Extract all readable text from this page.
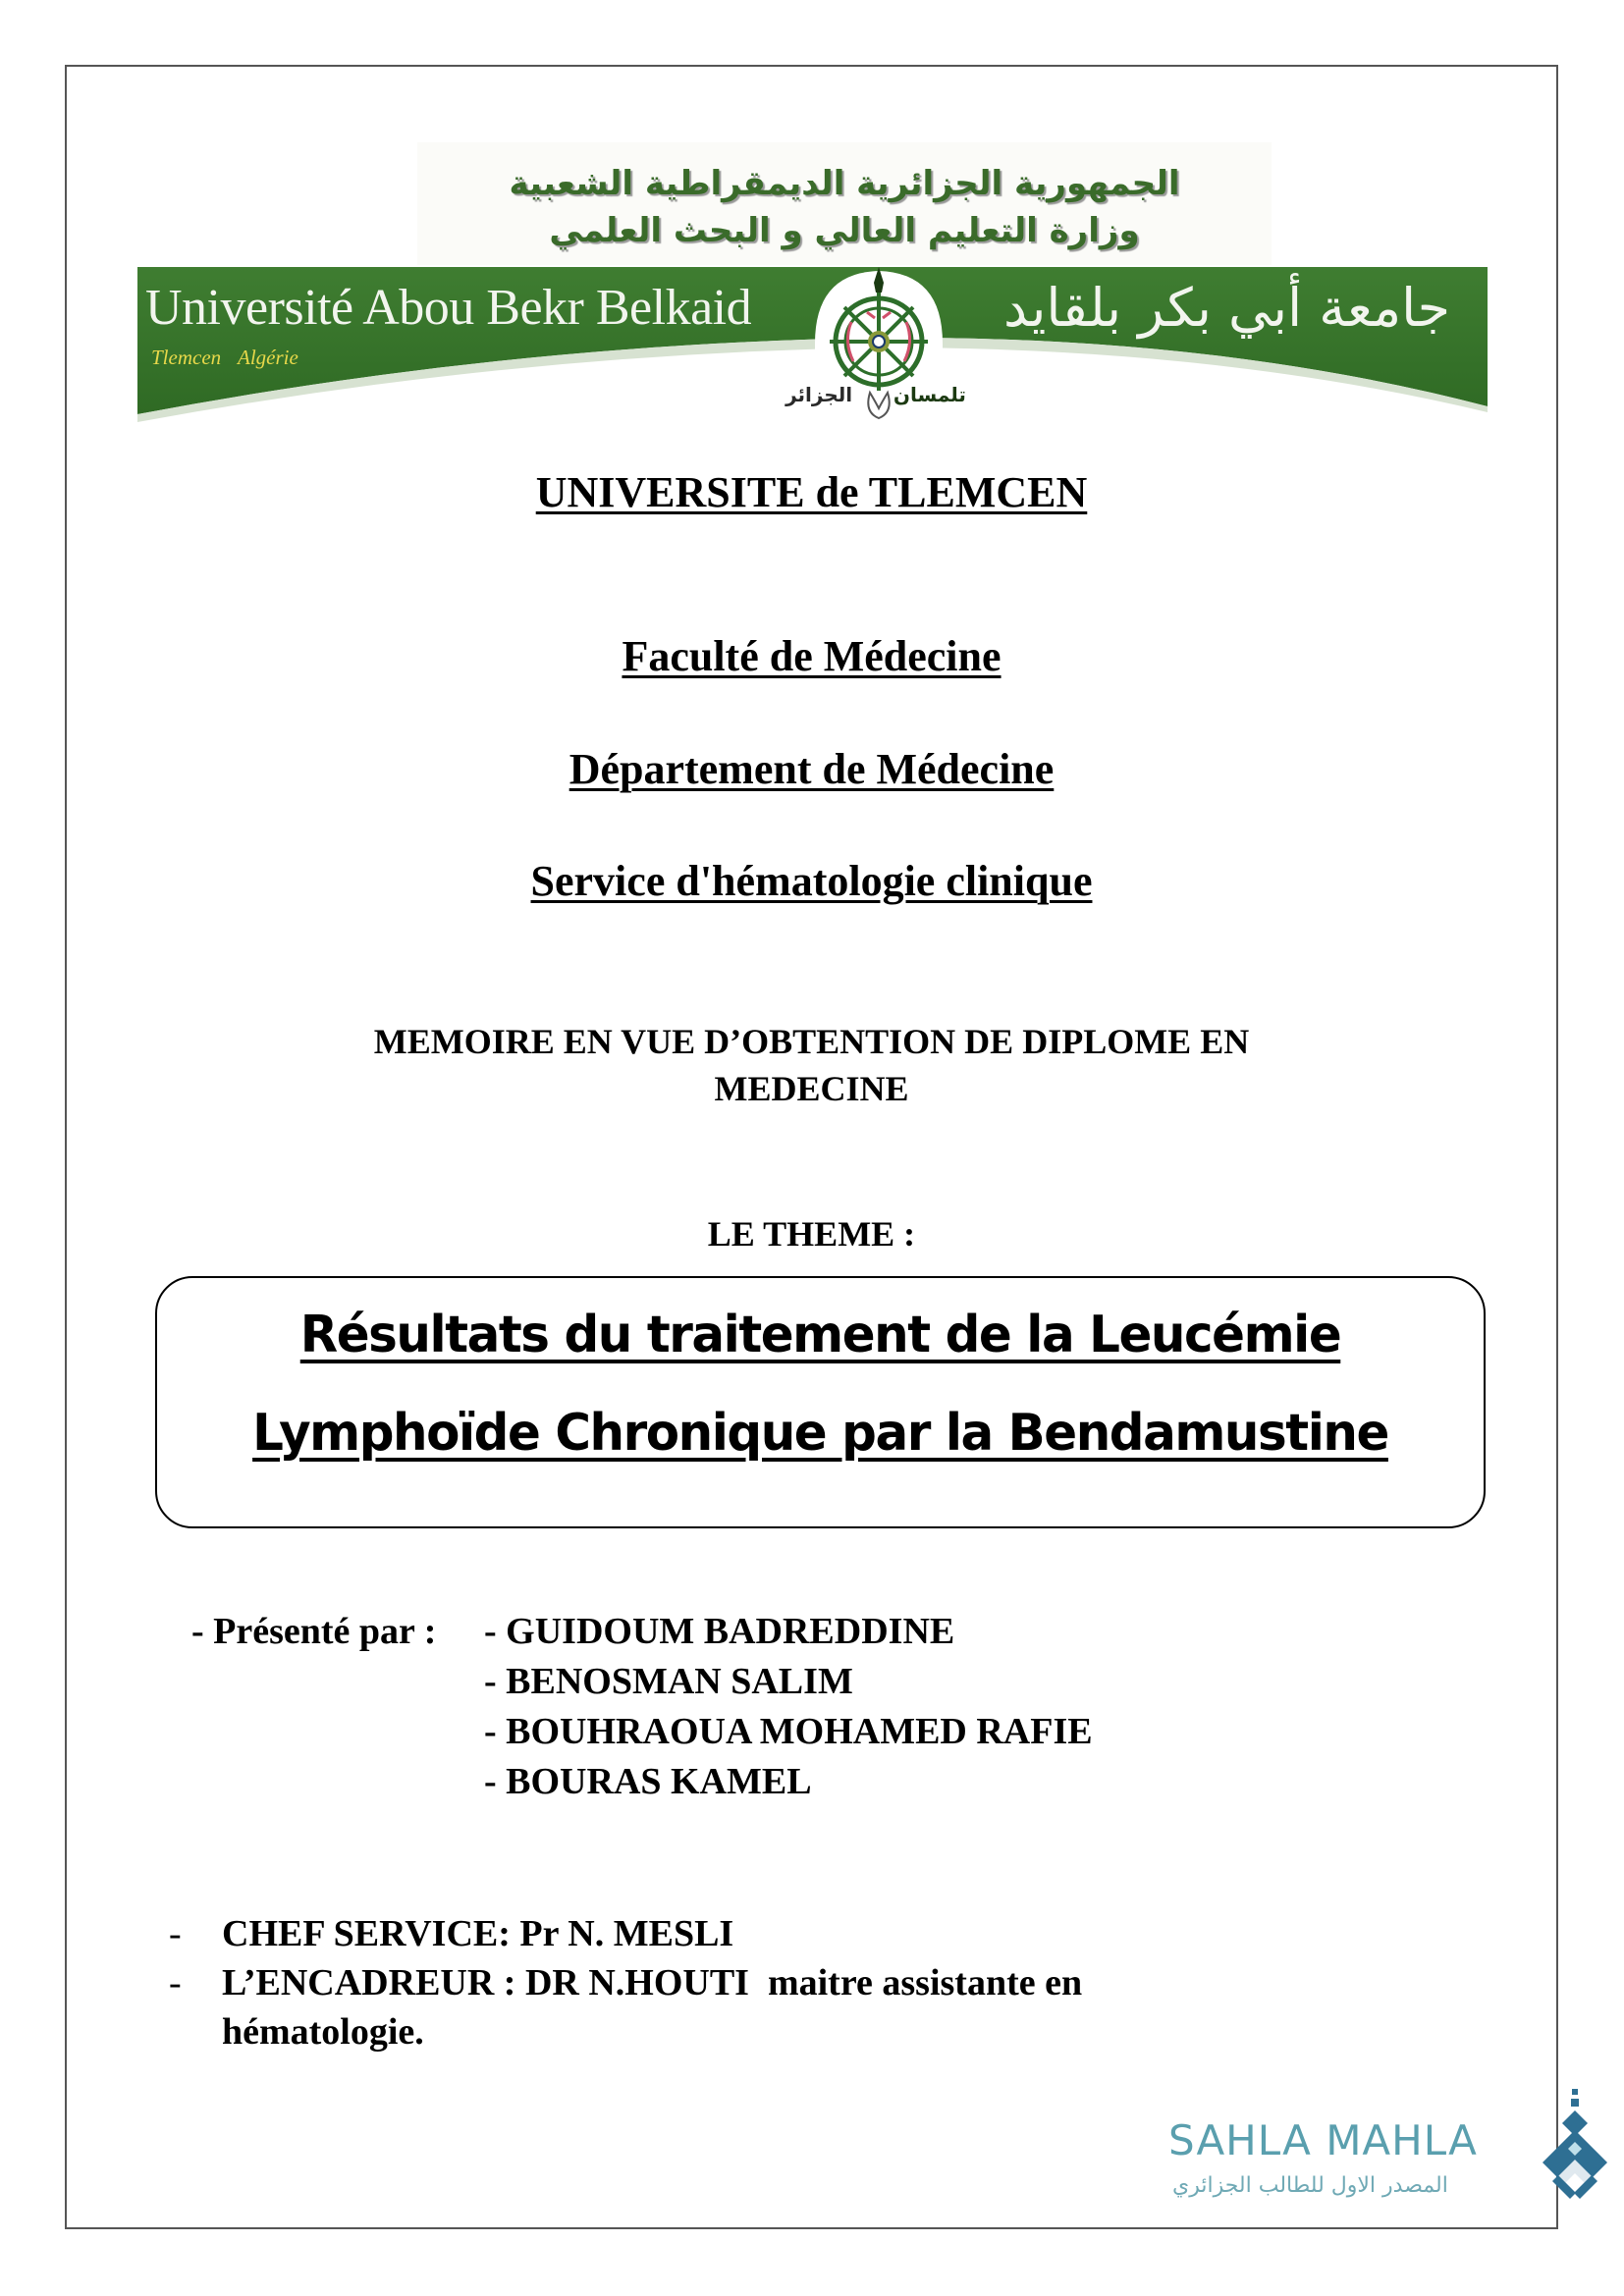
الجمهورية الجزائرية الديمقراطية الشعبية
وزارة التعليم العالي و البحث العلمي
Université Abou Bekr Belkaid
Tlemcen Algérie
جامعة أبي بكر بلقايد
تلمسان      الجزائر
UNIVERSITE de TLEMCEN
Faculté de Médecine
Département de Médecine
Service d'hématologie clinique
MEMOIRE EN VUE D’OBTENTION DE DIPLOME EN
MEDECINE
LE THEME :
Résultats du traitement de la Leucémie
Lymphoïde Chronique par la Bendamustine
- Présenté par : - GUIDOUM BADREDDINE
- BENOSMAN SALIM
- BOUHRAOUA MOHAMED RAFIE
- BOURAS KAMEL
- CHEF SERVICE: Pr N. MESLI
- L’ENCADREUR : DR N.HOUTI  maitre assistante en
hématologie.
SAHLA MAHLA
المصدر الاول للطالب الجزائري
